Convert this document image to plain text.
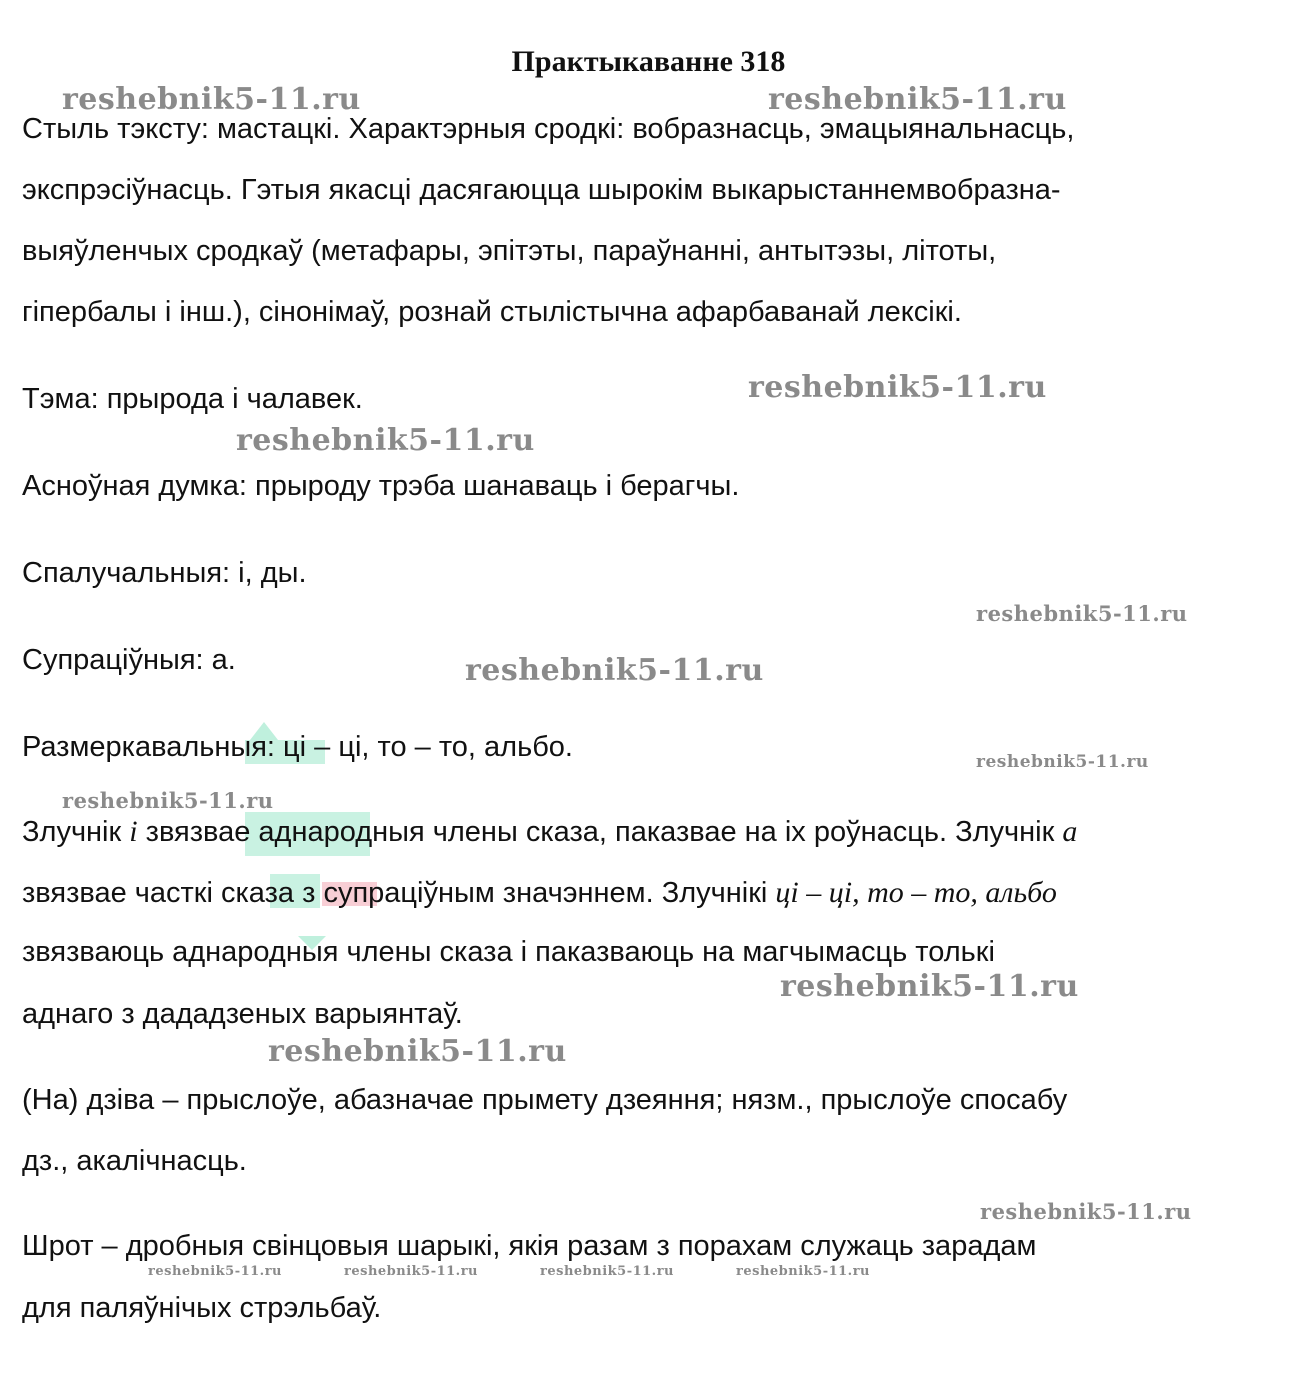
Практыкаванне 318

Стыль тэксту: мастацкі. Характэрныя сродкі: вобразнасць, эмацыянальнасць,

экспрэсіўнасць. Гэтыя якасці дасягаюцца шырокім выкарыстаннемвобразна-

выяўленчых сродкаў (метафары, эпітэты, параўнанні, антытэзы, літоты,

гіпербалы і інш.), сінонімаў, рознай стылістычна афарбаванай лексікі.

Тэма: прырода і чалавек.

Асноўная думка: прыроду трэба шанаваць і берагчы.

Спалучальныя: і, ды.

Супраціўныя: а.

Размеркавальныя: ці – ці, то – то, альбо.

Злучнік і звязвае аднародныя члены сказа, паказвае на іх роўнасць. Злучнік а

звязвае часткі сказа з супраціўным значэннем. Злучнікі ці – ці, то – то, альбо

звязваюць аднародныя члены сказа і паказваюць на магчымасць толькі

аднаго з дададзеных варыянтаў.

(На) дзіва – прыслоўе, абазначае прымету дзеяння; нязм., прыслоўе спосабу

дз., акалічнасць.

Шрот – дробныя свінцовыя шарыкі, якія разам з порахам служаць зарадам

для паляўнічых стрэльбаў.

reshebnik5-11.ru	reshebnik5-11.ru
reshebnik5-11.ru
reshebnik5-11.ru
reshebnik5-11.ru
reshebnik5-11.ru
reshebnik5-11.ru
reshebnik5-11.ru
reshebnik5-11.ru
reshebnik5-11.ru
reshebnik5-11.ru
reshebnik5-11.ru	reshebnik5-11.ru	reshebnik5-11.ru	reshebnik5-11.ru
